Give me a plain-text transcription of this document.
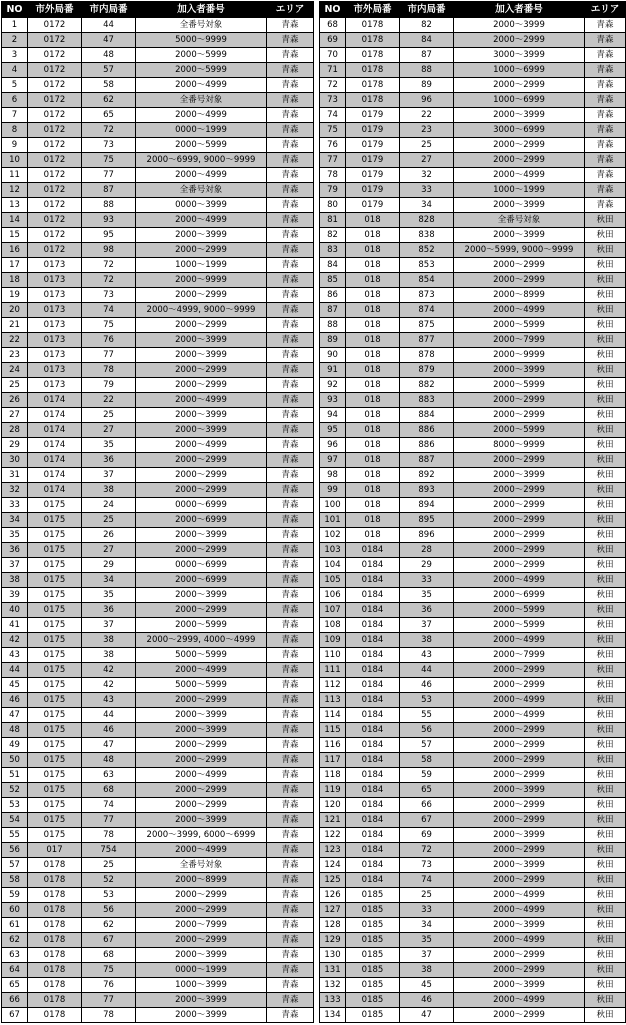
NO	市外局番	市内局番	加入者番号	エリア
1	0172	44	全番号対象	青森
2	0172	47	5000～9999	青森
3	0172	48	2000～5999	青森
4	0172	57	2000～5999	青森
5	0172	58	2000～4999	青森
6	0172	62	全番号対象	青森
7	0172	65	2000～4999	青森
8	0172	72	0000～1999	青森
9	0172	73	2000～5999	青森
10	0172	75	2000～6999, 9000～9999	青森
11	0172	77	2000～4999	青森
12	0172	87	全番号対象	青森
13	0172	88	0000～3999	青森
14	0172	93	2000～4999	青森
15	0172	95	2000～3999	青森
16	0172	98	2000～2999	青森
17	0173	72	1000～1999	青森
18	0173	72	2000～9999	青森
19	0173	73	2000～2999	青森
20	0173	74	2000～4999, 9000～9999	青森
21	0173	75	2000～2999	青森
22	0173	76	2000～3999	青森
23	0173	77	2000～3999	青森
24	0173	78	2000～2999	青森
25	0173	79	2000～2999	青森
26	0174	22	2000～4999	青森
27	0174	25	2000～3999	青森
28	0174	27	2000～3999	青森
29	0174	35	2000～4999	青森
30	0174	36	2000～2999	青森
31	0174	37	2000～2999	青森
32	0174	38	2000～2999	青森
33	0175	24	0000～6999	青森
34	0175	25	2000～6999	青森
35	0175	26	2000～3999	青森
36	0175	27	2000～2999	青森
37	0175	29	0000～6999	青森
38	0175	34	2000～6999	青森
39	0175	35	2000～3999	青森
40	0175	36	2000～2999	青森
41	0175	37	2000～5999	青森
42	0175	38	2000～2999, 4000～4999	青森
43	0175	38	5000～5999	青森
44	0175	42	2000～4999	青森
45	0175	42	5000～5999	青森
46	0175	43	2000～2999	青森
47	0175	44	2000～3999	青森
48	0175	46	2000～3999	青森
49	0175	47	2000～2999	青森
50	0175	48	2000～2999	青森
51	0175	63	2000～4999	青森
52	0175	68	2000～2999	青森
53	0175	74	2000～2999	青森
54	0175	77	2000～3999	青森
55	0175	78	2000～3999, 6000～6999	青森
56	017	754	2000～4999	青森
57	0178	25	全番号対象	青森
58	0178	52	2000～8999	青森
59	0178	53	2000～2999	青森
60	0178	56	2000～2999	青森
61	0178	62	2000～7999	青森
62	0178	67	2000～2999	青森
63	0178	68	2000～3999	青森
64	0178	75	0000～1999	青森
65	0178	76	1000～3999	青森
66	0178	77	2000～3999	青森
67	0178	78	2000～3999	青森
NO	市外局番	市内局番	加入者番号	エリア
68	0178	82	2000～3999	青森
69	0178	84	2000～2999	青森
70	0178	87	3000～3999	青森
71	0178	88	1000～6999	青森
72	0178	89	2000～2999	青森
73	0178	96	1000～6999	青森
74	0179	22	2000～3999	青森
75	0179	23	3000～6999	青森
76	0179	25	2000～2999	青森
77	0179	27	2000～2999	青森
78	0179	32	2000～4999	青森
79	0179	33	1000～1999	青森
80	0179	34	2000～3999	青森
81	018	828	全番号対象	秋田
82	018	838	2000～3999	秋田
83	018	852	2000～5999, 9000～9999	秋田
84	018	853	2000～2999	秋田
85	018	854	2000～2999	秋田
86	018	873	2000～8999	秋田
87	018	874	2000～4999	秋田
88	018	875	2000～5999	秋田
89	018	877	2000～7999	秋田
90	018	878	2000～9999	秋田
91	018	879	2000～3999	秋田
92	018	882	2000～5999	秋田
93	018	883	2000～2999	秋田
94	018	884	2000～2999	秋田
95	018	886	2000～5999	秋田
96	018	886	8000～9999	秋田
97	018	887	2000～2999	秋田
98	018	892	2000～3999	秋田
99	018	893	2000～2999	秋田
100	018	894	2000～2999	秋田
101	018	895	2000～2999	秋田
102	018	896	2000～2999	秋田
103	0184	28	2000～2999	秋田
104	0184	29	2000～2999	秋田
105	0184	33	2000～4999	秋田
106	0184	35	2000～6999	秋田
107	0184	36	2000～5999	秋田
108	0184	37	2000～5999	秋田
109	0184	38	2000～4999	秋田
110	0184	43	2000～7999	秋田
111	0184	44	2000～2999	秋田
112	0184	46	2000～2999	秋田
113	0184	53	2000～4999	秋田
114	0184	55	2000～4999	秋田
115	0184	56	2000～2999	秋田
116	0184	57	2000～2999	秋田
117	0184	58	2000～2999	秋田
118	0184	59	2000～2999	秋田
119	0184	65	2000～3999	秋田
120	0184	66	2000～2999	秋田
121	0184	67	2000～2999	秋田
122	0184	69	2000～3999	秋田
123	0184	72	2000～2999	秋田
124	0184	73	2000～3999	秋田
125	0184	74	2000～2999	秋田
126	0185	25	2000～4999	秋田
127	0185	33	2000～4999	秋田
128	0185	34	2000～3999	秋田
129	0185	35	2000～4999	秋田
130	0185	37	2000～2999	秋田
131	0185	38	2000～2999	秋田
132	0185	45	2000～3999	秋田
133	0185	46	2000～4999	秋田
134	0185	47	2000～2999	秋田
